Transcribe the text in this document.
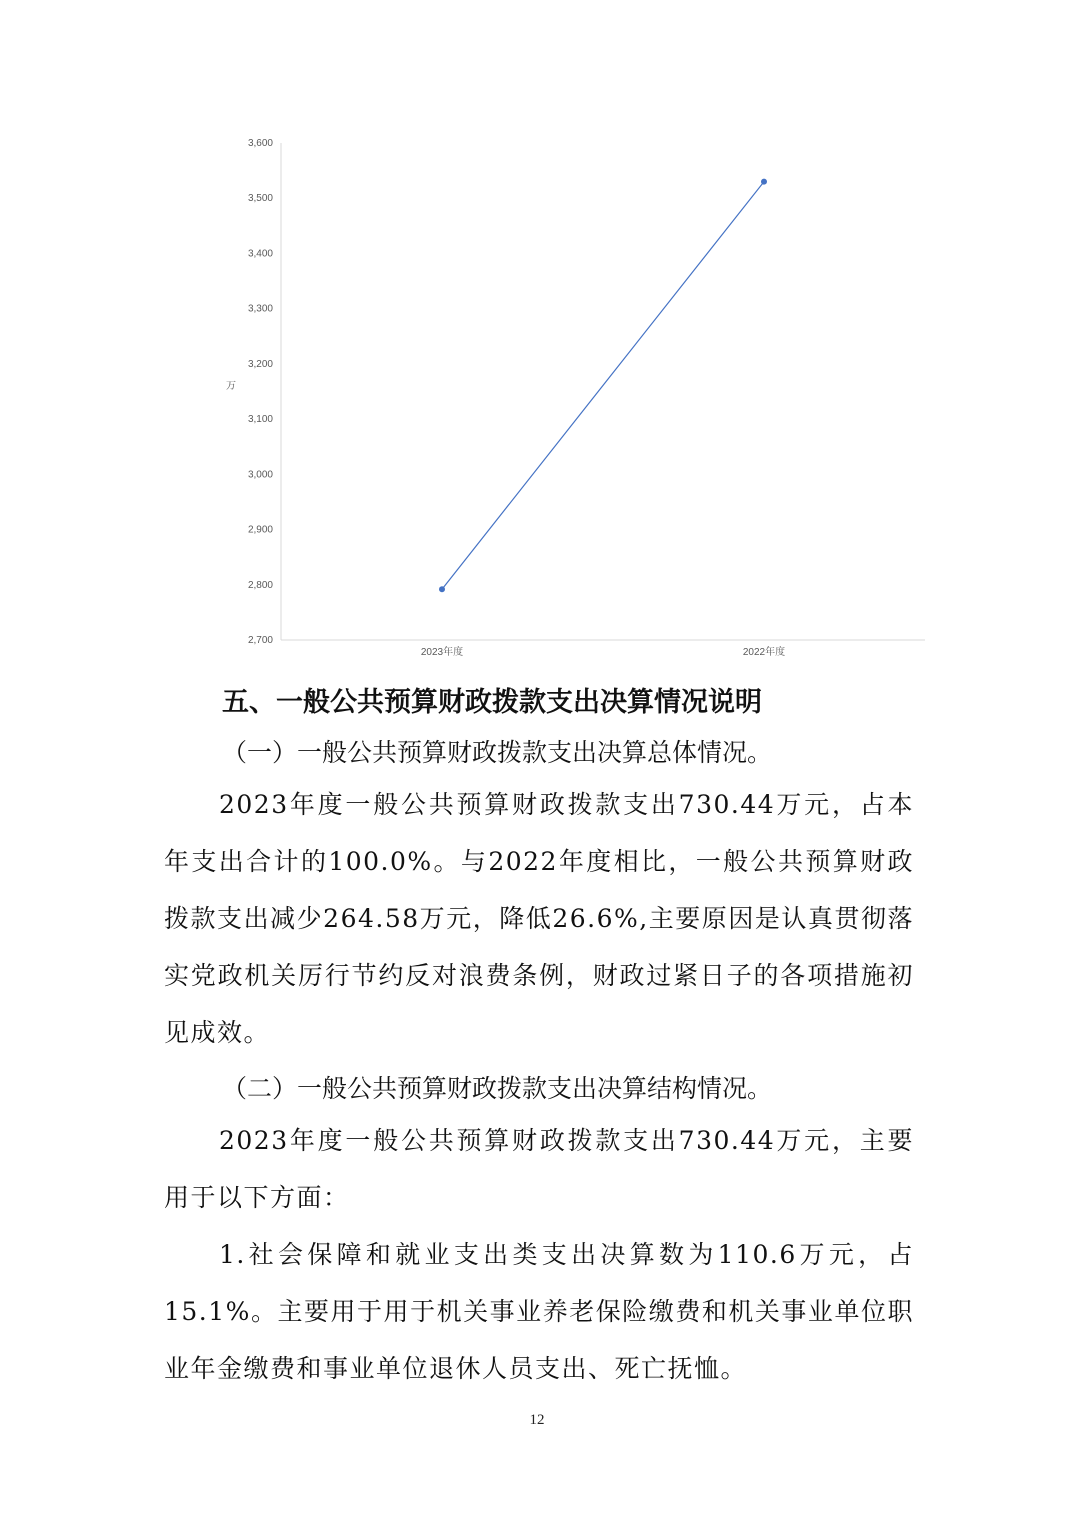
万
3,600
3,500
3,400
3,300
3,200
3,100
3,000
2,900
2,800
2,700
2023年度	2022年度
五、一般公共预算财政拨款支出决算情况说明
（一）一般公共预算财政拨款支出决算总体情况。
2023年度一般公共预算财政拨款支出730.44万元，占本年支出合计的100.0%。与2022年度相比，一般公共预算财政拨款支出减少264.58万元，降低26.6%,主要原因是认真贯彻落实党政机关厉行节约反对浪费条例，财政过紧日子的各项措施初见成效。
（二）一般公共预算财政拨款支出决算结构情况。
2023年度一般公共预算财政拨款支出730.44万元，主要用于以下方面：
1.社会保障和就业支出类支出决算数为110.6万元，占15.1%。主要用于用于机关事业养老保险缴费和机关事业单位职业年金缴费和事业单位退休人员支出、死亡抚恤。
12
